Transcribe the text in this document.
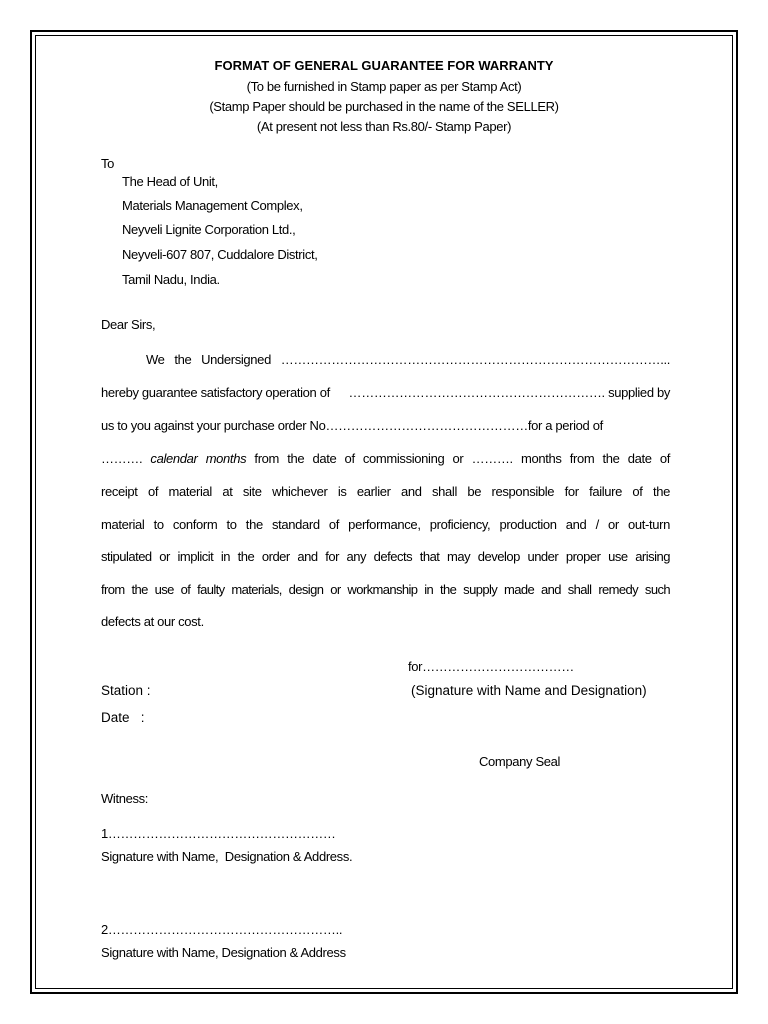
FORMAT OF GENERAL GUARANTEE FOR WARRANTY
(To be furnished in Stamp paper as per Stamp Act)
(Stamp Paper should be purchased in the name of the SELLER)
(At present not less than Rs.80/- Stamp Paper)
To
The Head of Unit,
Materials Management Complex,
Neyveli Lignite Corporation Ltd.,
Neyveli-607 807, Cuddalore District,
Tamil Nadu, India.
Dear Sirs,
We the Undersigned ………………………………………………………………………………...
hereby guarantee satisfactory operation of ……………………………………………………. supplied by
us to you against your purchase order No…………………………………………for a period of
………. calendar months from the date of commissioning or ………. months from the date of
receipt of material at site whichever is earlier and shall be responsible for failure of the
material to conform to the standard of performance, proficiency, production and / or out-turn
stipulated or implicit in the order and for any defects that may develop under proper use arising
from the use of faulty materials, design or workmanship in the supply made and shall remedy such
defects at our cost.
for………………………………
Station :	(Signature with Name and Designation)
Date   :
Company Seal
Witness:
1………………………………………………
Signature with Name,  Designation & Address.
2………………………………………………..
Signature with Name, Designation & Address
